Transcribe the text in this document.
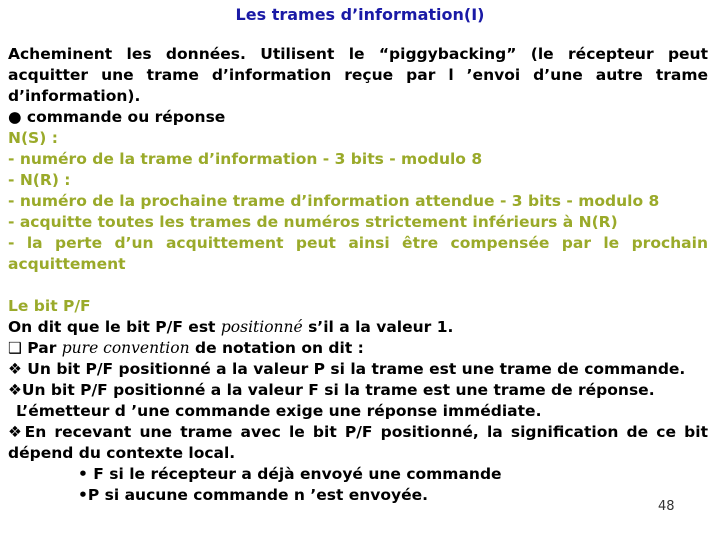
Les trames d’information(I)
Acheminent les données. Utilisent le “piggybacking” (le récepteur peut acquitter une trame d’information reçue par l ’envoi d’une autre trame d’information).
● commande ou réponse
N(S) :
- numéro de la trame d’information - 3 bits - modulo 8
- N(R) :
- numéro de la prochaine trame d’information attendue - 3 bits - modulo 8
- acquitte toutes les trames de numéros strictement inférieurs à N(R)
- la perte d’un acquittement peut ainsi être compensée par le prochain acquittement
Le bit P/F
On dit que le bit P/F est positionné s’il a la valeur 1.
❑ Par pure convention de notation on dit :
❖ Un bit P/F positionné a la valeur P si la trame est une trame de commande.
❖Un bit P/F positionné a la valeur F si la trame est une trame de réponse.
L’émetteur d ’une commande exige une réponse immédiate.
❖En recevant une trame avec le bit P/F positionné, la signification de ce bit dépend du contexte local.
• F si le récepteur a déjà envoyé une commande
•P si aucune commande n ’est envoyée.
48
